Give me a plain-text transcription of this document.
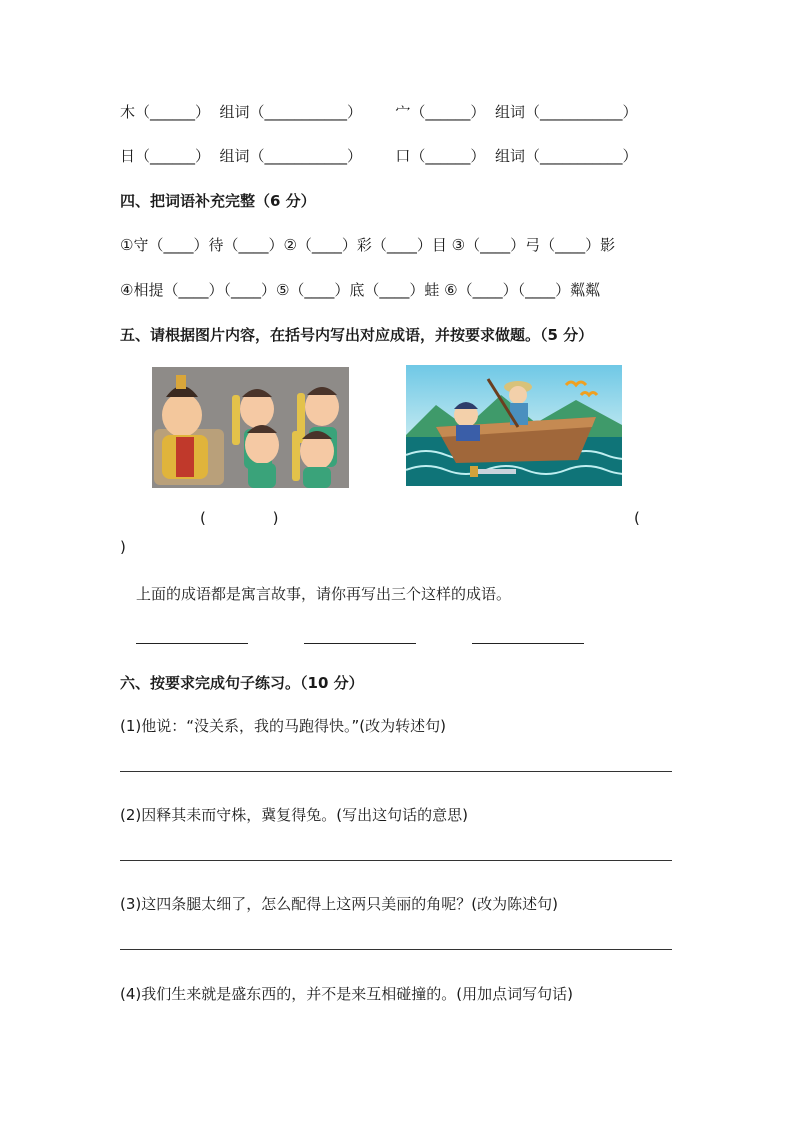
木（______）  组词（___________）       宀（______）  组词（___________）
日（______）  组词（___________）       口（______）  组词（___________）
四、把词语补充完整（6 分）
①守（____）待（____）②（____）彩（____）目 ③（____）弓（____）影
④相提（____）（____）⑤（____）底（____）蛙 ⑥（____）（____）粼粼
五、请根据图片内容，在括号内写出对应成语，并按要求做题。（5 分）
(              )	(
)
上面的成语都是寓言故事，请你再写出三个这样的成语。
六、按要求完成句子练习。（10 分）
(1)他说：“没关系，我的马跑得快。”(改为转述句)
(2)因释其耒而守株，冀复得兔。(写出这句话的意思)
(3)这四条腿太细了，怎么配得上这两只美丽的角呢？(改为陈述句)
(4)我们生来就是盛东西的，并不是来互相碰撞的。(用加点词写句话)
